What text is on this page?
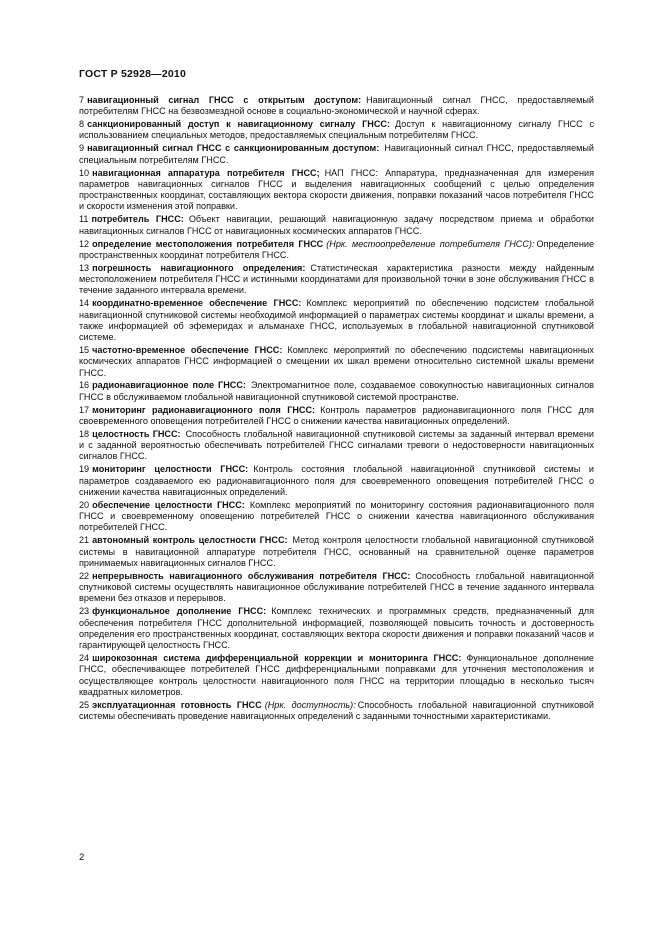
ГОСТ Р 52928—2010

7 навигационный сигнал ГНСС с открытым доступом: Навигационный сигнал ГНСС, предоставляемый потребителям ГНСС на безвозмездной основе в социально-экономической и научной сферах.

8 санкционированный доступ к навигационному сигналу ГНСС: Доступ к навигационному сигналу ГНСС с использованием специальных методов, предоставляемых специальным потребителям ГНСС.

9 навигационный сигнал ГНСС с санкционированным доступом: Навигационный сигнал ГНСС, предоставляемый специальным потребителям ГНСС.

10 навигационная аппаратура потребителя ГНСС; НАП ГНСС: Аппаратура, предназначенная для измерения параметров навигационных сигналов ГНСС и выделения навигационных сообщений с целью определения пространственных координат, составляющих вектора скорости движения, поправки показаний часов потребителя ГНСС и скорости изменения этой поправки.

11 потребитель ГНСС: Объект навигации, решающий навигационную задачу посредством приема и обработки навигационных сигналов ГНСС от навигационных космических аппаратов ГНСС.

12 определение местоположения потребителя ГНСС (Нрк. местоопределение потребителя ГНСС): Определение пространственных координат потребителя ГНСС.

13 погрешность навигационного определения: Статистическая характеристика разности между найденным местоположением потребителя ГНСС и истинными координатами для произвольной точки в зоне обслуживания ГНСС в течение заданного интервала времени.

14 координатно-временное обеспечение ГНСС: Комплекс мероприятий по обеспечению подсистем глобальной навигационной спутниковой системы необходимой информацией о параметрах системы координат и шкалы времени, а также информацией об эфемеридах и альманахе ГНСС, используемых в глобальной навигационной спутниковой системе.

15 частотно-временное обеспечение ГНСС: Комплекс мероприятий по обеспечению подсистемы навигационных космических аппаратов ГНСС информацией о смещении их шкал времени относительно системной шкалы времени ГНСС.

16 радионавигационное поле ГНСС: Электромагнитное поле, создаваемое совокупностью навигационных сигналов ГНСС в обслуживаемом глобальной навигационной спутниковой системой пространстве.

17 мониторинг радионавигационного поля ГНСС: Контроль параметров радионавигационного поля ГНСС для своевременного оповещения потребителей ГНСС о снижении качества навигационных определений.

18 целостность ГНСС: Способность глобальной навигационной спутниковой системы за заданный интервал времени и с заданной вероятностью обеспечивать потребителей ГНСС сигналами тревоги о недостоверности навигационных сигналов ГНСС.

19 мониторинг целостности ГНСС: Контроль состояния глобальной навигационной спутниковой системы и параметров создаваемого ею радионавигационного поля для своевременного оповещения потребителей ГНСС о снижении качества навигационных определений.

20 обеспечение целостности ГНСС: Комплекс мероприятий по мониторингу состояния радионавигационного поля ГНСС и своевременному оповещению потребителей ГНСС о снижении качества навигационного обслуживания потребителей ГНСС.

21 автономный контроль целостности ГНСС: Метод контроля целостности глобальной навигационной спутниковой системы в навигационной аппаратуре потребителя ГНСС, основанный на сравнительной оценке параметров принимаемых навигационных сигналов ГНСС.

22 непрерывность навигационного обслуживания потребителя ГНСС: Способность глобальной навигационной спутниковой системы осуществлять навигационное обслуживание потребителей ГНСС в течение заданного интервала времени без отказов и перерывов.

23 функциональное дополнение ГНСС: Комплекс технических и программных средств, предназначенный для обеспечения потребителя ГНСС дополнительной информацией, позволяющей повысить точность и достоверность определения его пространственных координат, составляющих вектора скорости движения и поправки показаний часов и гарантирующей целостность ГНСС.

24 широкозонная система дифференциальной коррекции и мониторинга ГНСС: Функциональное дополнение ГНСС, обеспечивающее потребителей ГНСС дифференциальными поправками для уточнения местоположения и осуществляющее контроль целостности навигационного поля ГНСС на территории площадью в несколько тысяч квадратных километров.

25 эксплуатационная готовность ГНСС (Нрк. доступность): Способность глобальной навигационной спутниковой системы обеспечивать проведение навигационных определений с заданными точностными характеристиками.

2
